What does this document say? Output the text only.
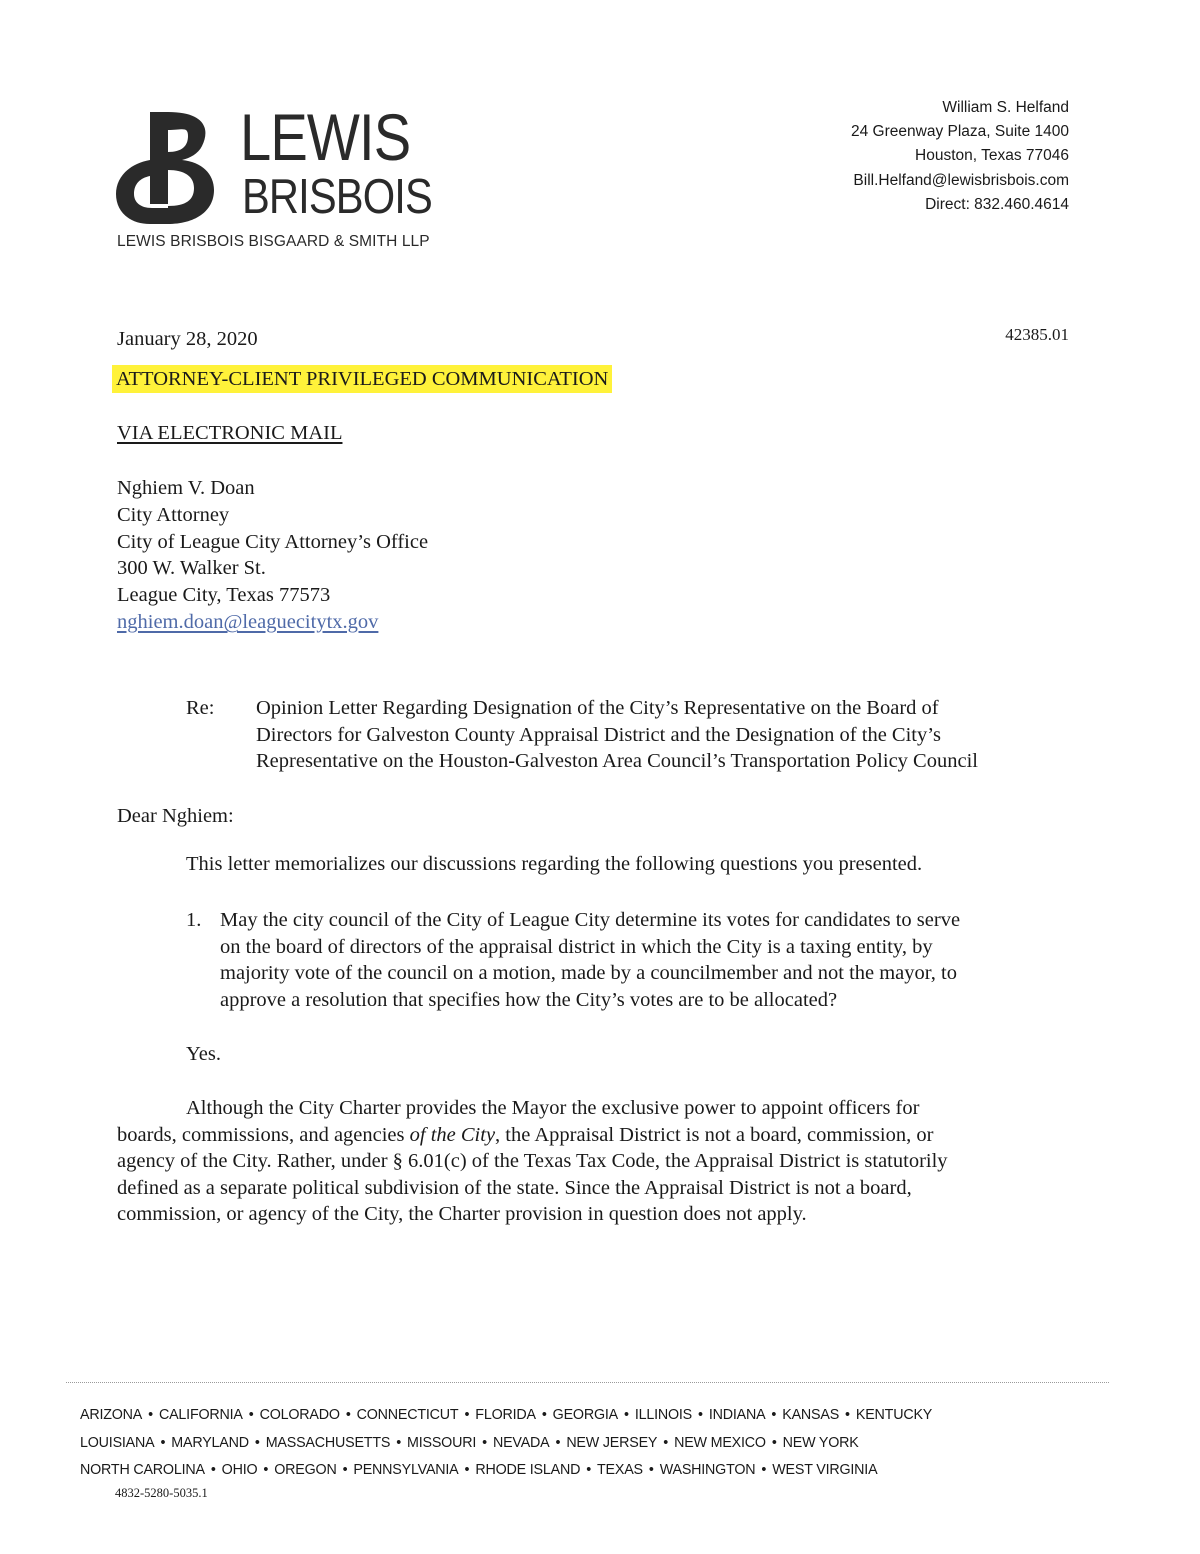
LEWIS
BRISBOIS
LEWIS BRISBOIS BISGAARD & SMITH LLP
William S. Helfand
24 Greenway Plaza, Suite 1400
Houston, Texas 77046
Bill.Helfand@lewisbrisbois.com
Direct: 832.460.4614
January 28, 2020	42385.01
ATTORNEY-CLIENT PRIVILEGED COMMUNICATION
VIA ELECTRONIC MAIL
Nghiem V. Doan
City Attorney
City of League City Attorney’s Office
300 W. Walker St.
League City, Texas 77573
nghiem.doan@leaguecitytx.gov
Re: Opinion Letter Regarding Designation of the City’s Representative on the Board of
Directors for Galveston County Appraisal District and the Designation of the City’s
Representative on the Houston-Galveston Area Council’s Transportation Policy Council
Dear Nghiem:
This letter memorializes our discussions regarding the following questions you presented.
1. May the city council of the City of League City determine its votes for candidates to serve
on the board of directors of the appraisal district in which the City is a taxing entity, by
majority vote of the council on a motion, made by a councilmember and not the mayor, to
approve a resolution that specifies how the City’s votes are to be allocated?
Yes.
Although the City Charter provides the Mayor the exclusive power to appoint officers for
boards, commissions, and agencies of the City, the Appraisal District is not a board, commission, or
agency of the City. Rather, under § 6.01(c) of the Texas Tax Code, the Appraisal District is statutorily
defined as a separate political subdivision of the state. Since the Appraisal District is not a board,
commission, or agency of the City, the Charter provision in question does not apply.
ARIZONA • CALIFORNIA • COLORADO • CONNECTICUT • FLORIDA • GEORGIA • ILLINOIS • INDIANA • KANSAS • KENTUCKY
LOUISIANA • MARYLAND • MASSACHUSETTS • MISSOURI • NEVADA • NEW JERSEY • NEW MEXICO • NEW YORK
NORTH CAROLINA • OHIO • OREGON • PENNSYLVANIA • RHODE ISLAND • TEXAS • WASHINGTON • WEST VIRGINIA
4832-5280-5035.1
